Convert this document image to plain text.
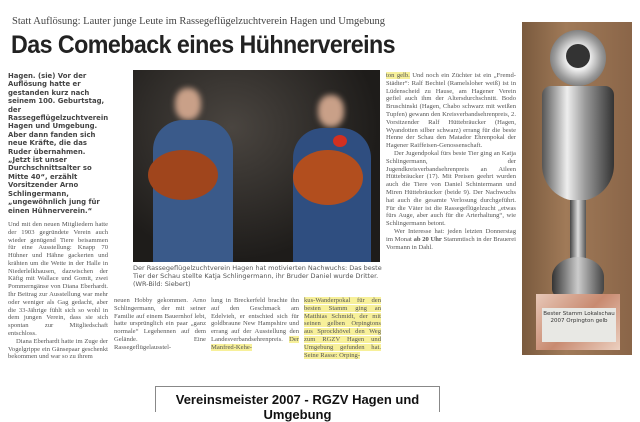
Statt Auflösung: Lauter junge Leute im Rassegeflügelzuchtverein Hagen und Umgebung
Das Comeback eines Hühnervereins
Hagen. (sie) Vor der Auflösung hatte er gestanden kurz nach seinem 100. Geburtstag, der Rassegeflügelzuchtverein Hagen und Umgebung. Aber dann fanden sich neue Kräfte, die das Ruder übernahmen. „Jetzt ist unser Durchschnittsalter so Mitte 40“, erzählt Vorsitzender Arno Schlingermann, „ungewöhnlich jung für einen Hühnerverein.“
Und mit den neuen Mitgliedern hatte der 1903 gegründete Verein auch wieder genügend Tiere beisammen für eine Ausstellung: Knapp 70 Hühner und Hähne gackerten und krähten um die Wette in der Halle in Niederlelkhausen, dazwischen der Käfig mit Wallace und Gomit, zwei Pommerngänse von Diana Eberhardt. Ihr Beitrag zur Ausstellung war mehr oder weniger als Gag gedacht, aber die 33-Jährige fühlt sich so wohl in dem jungen Verein, dass sie sich spontan zur Mitgliedschaft entschloss.
Diana Eberhardt hatte im Zuge der Vogelgrippe ein Gänsepaar geschenkt bekommen und war so zu ihrem
Der Rassegeflügelzuchtverein Hagen hat motivierten Nachwuchs: Das beste Tier der Schau stellte Katja Schlingermann, ihr Bruder Daniel wurde Dritter. (WR-Bild: Siebert)
neuen Hobby gekommen. Arno Schlingermann, der mit seiner Familie auf einem Bauernhof lebt, hatte ursprünglich ein paar „ganz normale“ Legehennen auf dem Gelände. Eine Rassegeflügelausstel-
lung in Breckerfeld brachte ihn auf den Geschmack am Edelvieh, er entschied sich für goldbraune New Hampshire und errang auf der Ausstellung den Landesverbandsehrenpreis. Der Manfred-Kehe-
kus-Wanderpokal für den besten Stamm ging an Matthias Schmidt, der mit seinen gelben Orpingtons aus Sprockhövel den Weg zum RGZV Hagen und Umgebung gefunden hat. Seine Rasse: Orping-
ton gelb. Und noch ein Züchter ist ein „Fremd-Städter“: Ralf Bechtel (Ramelsloher weiß) ist in Lüdenscheid zu Hause, am Hagener Verein gefiel auch ihm der Altersdurchschnitt. Bodo Bruschinski (Hagen, Chabo schwarz mit weißen Tupfen) gewann den Kreisverbandsehrenpreis, 2. Vorsitzender Ralf Hüttebräucker (Hagen, Wyandotten silber schwarz) errang für die beste Henne der Schau den Matador Ehrenpokal der Hagener Raiffeisen-Genossenschaft.
Der Jugendpokal fürs beste Tier ging an Katja Schlingermann, der Jugendkreisverbandsehrenpreis an Aileen Hüttebräucker (17). Mit Preisen geehrt wurden auch die Tiere von Daniel Schintermann und Miren Hüttebräucker (beide 9). Der Nachwuchs hat auch die gesamte Verlosung durchgeführt. Für die Väter ist die Rassegeflügelzucht „etwas fürs Auge, aber auch für die Arterhaltung“, wie Schlingermann betont.
Wer Interesse hat: jeden letzten Donnerstag im Monat ab 20 Uhr Stammtisch in der Brauerei Vormann in Dahl.
Bester Stamm Lokalschau 2007 Orpington gelb
Vereinsmeister 2007 - RGZV Hagen und Umgebung
